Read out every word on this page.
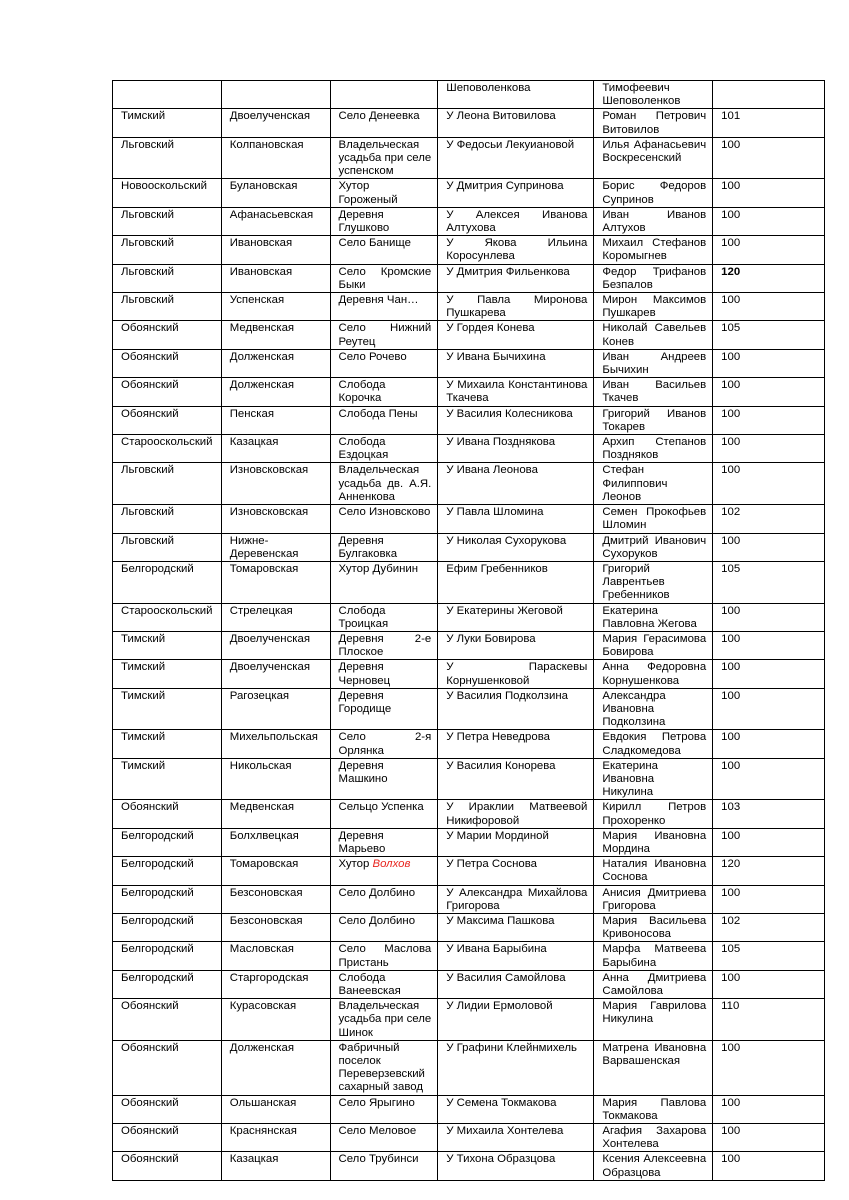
			Шеповоленкова	Тимофеевич Шеповоленков	
Тимский	Двоелученская	Село Денеевка	У Леона Витовилова	Роман Петрович Витовилов	101
Льговский	Колпановская	Владельческая усадьба при селе успенском	У Федосьи Лекуиановой	Илья Афанасьевич Воскресенский	100
Новооскольский	Булановская	Хутор Гороженый	У Дмитрия Суприновa	Борис Федоров Супринов	100
Льговский	Афанасьевская	Деревня Глушково	У Алексея Иванова Алтухова	Иван Иванов Алтухов	100
Льговский	Ивановская	Село Банище	У Якова Ильина Коросунлева	Михаил Стефанов Коромыгнев	100
Льговский	Ивановская	Село Кромские Быки	У Дмитрия Фильенкова	Федор Трифанов Безпалов	120
Льговский	Успенская	Деревня Чан…	У Павла Миронова Пушкарева	Мирон Максимов Пушкарев	100
Обоянский	Медвенская	Село Нижний Реутец	У Гордея Конева	Николай Савельев Конев	105
Обоянский	Долженская	Село Рочево	У Ивана Бычихина	Иван Андреев Бычихин	100
Обоянский	Долженская	Слобода Корочка	У Михаила Константинова Ткачева	Иван Васильев Ткачев	100
Обоянский	Пенская	Слобода Пены	У Василия Колесникова	Григорий Иванов Токарев	100
Старооскольский	Казацкая	Слобода Ездоцкая	У Ивана Позднякова	Архип Степанов Поздняков	100
Льговский	Изновсковская	Владельческая усадьба дв. А.Я. Анненкова	У Ивана Леонова	Стефан Филиппович Леонов	100
Льговский	Изновсковская	Село Изновсково	У Павла Шломина	Семен Прокофьев Шломин	102
Льговский	Нижне-Деревенская	Деревня Булгаковка	У Николая Сухорукова	Дмитрий Иванович Сухоруков	100
Белгородский	Томаровская	Хутор Дубинин	Ефим Гребенников	Григорий Лаврентьев Гребенников	105
Старооскольский	Стрелецкая	Слобода Троицкая	У Екатерины Жеговой	Екатерина Павловна Жегова	100
Тимский	Двоелученская	Деревня 2-е Плоское	У Луки Бовирова	Мария Герасимова Бовирова	100
Тимский	Двоелученская	Деревня Черновец	У Параскевы Корнушенковой	Анна Федоровна Корнушенкова	100
Тимский	Рагозецкая	Деревня Городище	У Василия Подколзина	Александра Ивановна Подколзина	100
Тимский	Михельпольская	Село 2-я Орлянка	У Петра Неведрова	Евдокия Петрова Сладкомедова	100
Тимский	Никольская	Деревня Машкино	У Василия Конорева	Екатерина Ивановна Никулина	100
Обоянский	Медвенская	Сельцо Успенка	У Ираклии Матвеевой Никифоровой	Кирилл Петров Прохоренко	103
Белгородский	Болхлвецкая	Деревня Марьево	У Марии Мординой	Мария Ивановна Мордина	100
Белгородский	Томаровская	Хутор Волхов	У Петра Соснова	Наталия Ивановна Соснова	120
Белгородский	Безсоновская	Село Долбино	У Александра Михайлова Григорова	Анисия Дмитриева Григорова	100
Белгородский	Безсоновская	Село Долбино	У Максима Пашкова	Мария Васильева Кривоносова	102
Белгородский	Масловская	Село Маслова Пристань	У Ивана Барыбина	Марфа Матвеева Барыбина	105
Белгородский	Старгородская	Слобода Ванеевская	У Василия Самойлова	Анна Дмитриева Самойлова	100
Обоянский	Курасовская	Владельческая усадьба при селе Шинок	У Лидии Ермоловой	Мария Гаврилова Никулина	110
Обоянский	Долженская	Фабричный поселок Переверзевский сахарный завод	У Графини Клейнмихель	Матрена Ивановна Варвашенская	100
Обоянский	Ольшанская	Село Ярыгино	У Семена Токмакова	Мария Павлова Токмакова	100
Обоянский	Краснянская	Село Меловое	У Михаила Хонтелева	Агафия Захарова Хонтелева	100
Обоянский	Казацкая	Село Трубинси	У Тихона Образцова	Ксения Алексеевна Образцова	100
